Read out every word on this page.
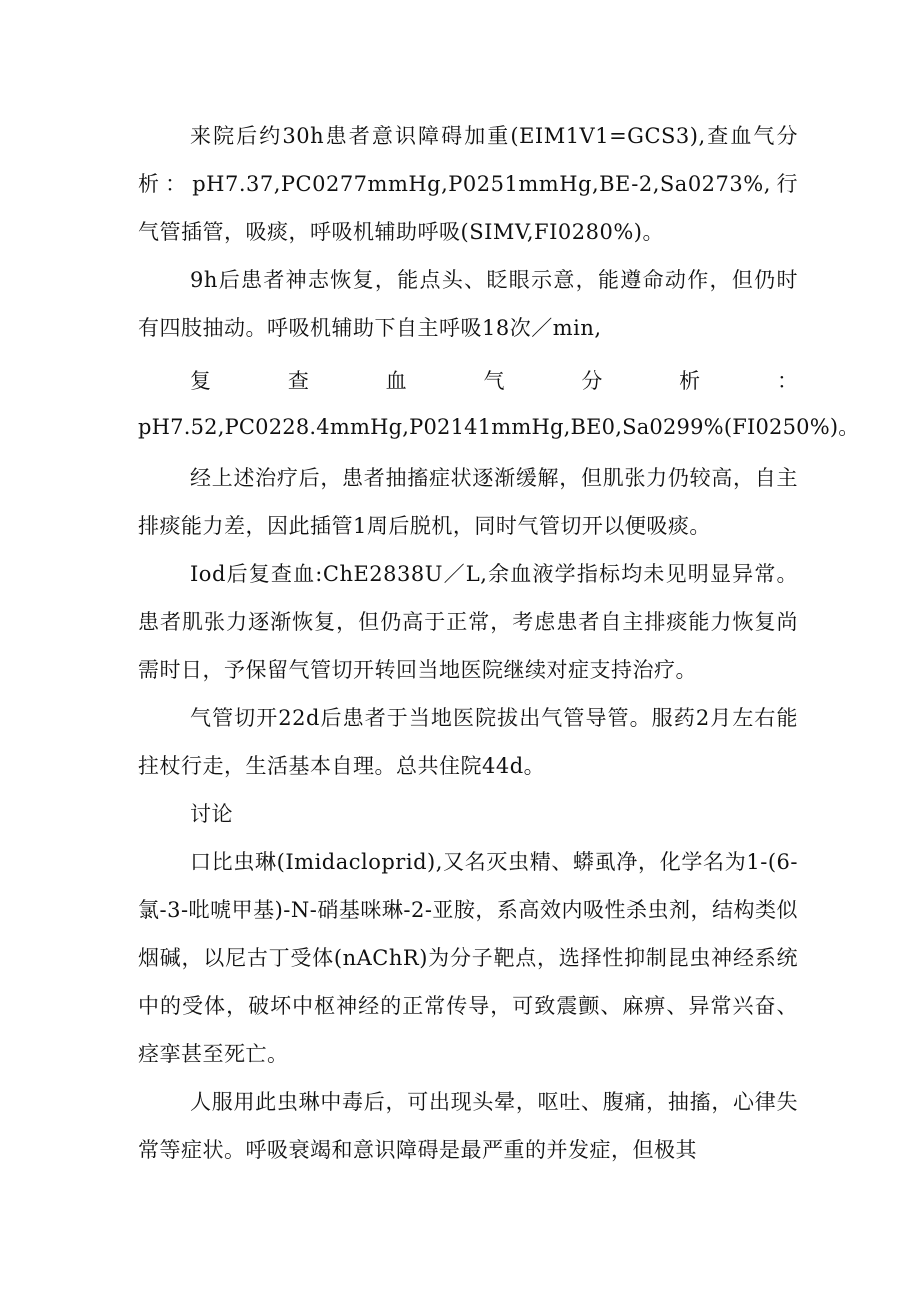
来院后约30h患者意识障碍加重(EIM1V1=GCS3),查血气分析：pH7.37,PC0277mmHg,P0251mmHg,BE-2,Sa0273%,行气管插管，吸痰，呼吸机辅助呼吸(SIMV,FI0280%)。

9h后患者神志恢复，能点头、眨眼示意，能遵命动作，但仍时有四肢抽动。呼吸机辅助下自主呼吸18次／min,

复	查	血	气	分	析	：
pH7.52,PC0228.4mmHg,P02141mmHg,BE0,Sa0299%(FI0250%)。

经上述治疗后，患者抽搐症状逐渐缓解，但肌张力仍较高，自主排痰能力差，因此插管1周后脱机，同时气管切开以便吸痰。

Iod后复查血:ChE2838U／L,余血液学指标均未见明显异常。患者肌张力逐渐恢复，但仍高于正常，考虑患者自主排痰能力恢复尚需时日，予保留气管切开转回当地医院继续对症支持治疗。

气管切开22d后患者于当地医院拔出气管导管。服药2月左右能拄杖行走，生活基本自理。总共住院44d。

讨论

口比虫琳(Imidacloprid),又名灭虫精、蟒虱净，化学名为1-(6-氯-3-吡唬甲基)-N-硝基咪琳-2-亚胺，系高效内吸性杀虫剂，结构类似烟碱，以尼古丁受体(nAChR)为分子靶点，选择性抑制昆虫神经系统中的受体，破坏中枢神经的正常传导，可致震颤、麻痹、异常兴奋、痉挛甚至死亡。

人服用此虫琳中毒后，可出现头晕，呕吐、腹痛，抽搐，心律失常等症状。呼吸衰竭和意识障碍是最严重的并发症，但极其
